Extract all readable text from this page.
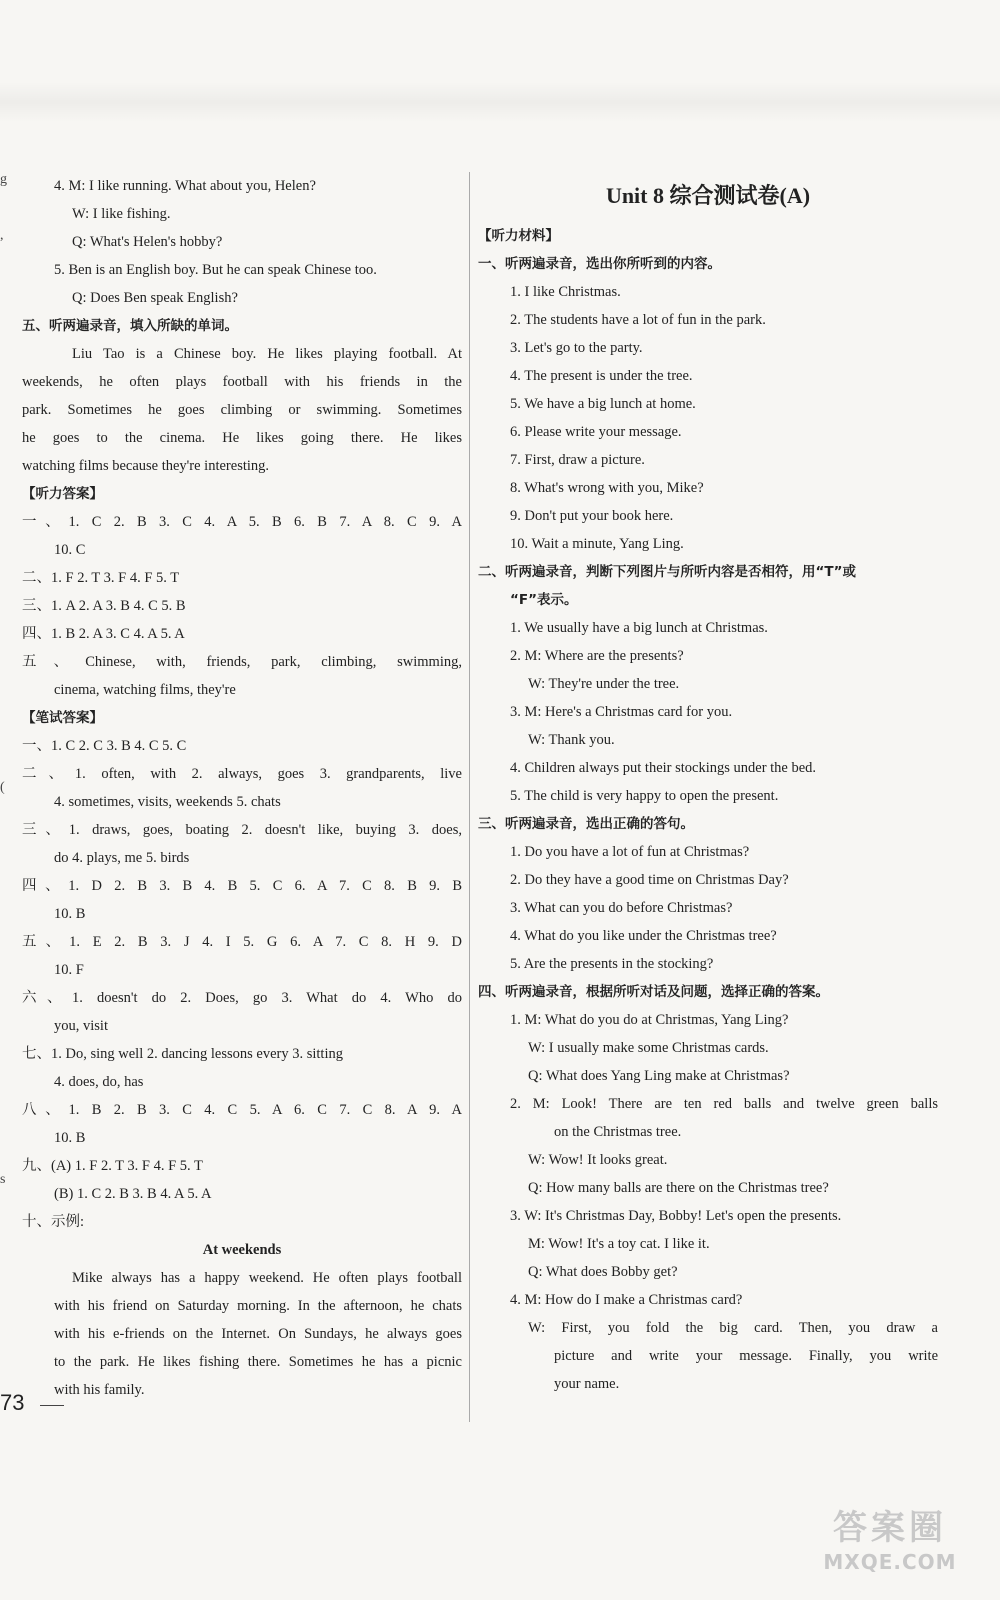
g
,
(
s
4. M: I like running. What about you, Helen?
W: I like fishing.
Q: What's Helen's hobby?
5. Ben is an English boy. But he can speak Chinese too.
Q: Does Ben speak English?
五、听两遍录音，填入所缺的单词。
Liu Tao is a Chinese boy. He likes playing football. At
weekends, he often plays football with his friends in the
park. Sometimes he goes climbing or swimming. Sometimes
he goes to the cinema. He likes going there. He likes
watching films because they're interesting.
【听力答案】
一、1. C 2. B 3. C 4. A 5. B 6. B 7. A 8. C 9. A
10. C
二、1. F 2. T 3. F 4. F 5. T
三、1. A 2. A 3. B 4. C 5. B
四、1. B 2. A 3. C 4. A 5. A
五、Chinese, with, friends, park, climbing, swimming,
cinema, watching films, they're
【笔试答案】
一、1. C 2. C 3. B 4. C 5. C
二、1. often, with 2. always, goes 3. grandparents, live
4. sometimes, visits, weekends 5. chats
三、1. draws, goes, boating 2. doesn't like, buying 3. does,
do 4. plays, me 5. birds
四、1. D 2. B 3. B 4. B 5. C 6. A 7. C 8. B 9. B
10. B
五、1. E 2. B 3. J 4. I 5. G 6. A 7. C 8. H 9. D
10. F
六、1. doesn't do 2. Does, go 3. What do 4. Who do
you, visit
七、1. Do, sing well 2. dancing lessons every 3. sitting
4. does, do, has
八、1. B 2. B 3. C 4. C 5. A 6. C 7. C 8. A 9. A
10. B
九、(A) 1. F 2. T 3. F 4. F 5. T
(B) 1. C 2. B 3. B 4. A 5. A
十、示例:
At weekends
Mike always has a happy weekend. He often plays football
with his friend on Saturday morning. In the afternoon, he chats
with his e-friends on the Internet. On Sundays, he always goes
to the park. He likes fishing there. Sometimes he has a picnic
with his family.
Unit 8 综合测试卷(A)
【听力材料】
一、听两遍录音，选出你所听到的内容。
1. I like Christmas.
2. The students have a lot of fun in the park.
3. Let's go to the party.
4. The present is under the tree.
5. We have a big lunch at home.
6. Please write your message.
7. First, draw a picture.
8. What's wrong with you, Mike?
9. Don't put your book here.
10. Wait a minute, Yang Ling.
二、听两遍录音，判断下列图片与所听内容是否相符，用“T”或
“F”表示。
1. We usually have a big lunch at Christmas.
2. M: Where are the presents?
W: They're under the tree.
3. M: Here's a Christmas card for you.
W: Thank you.
4. Children always put their stockings under the bed.
5. The child is very happy to open the present.
三、听两遍录音，选出正确的答句。
1. Do you have a lot of fun at Christmas?
2. Do they have a good time on Christmas Day?
3. What can you do before Christmas?
4. What do you like under the Christmas tree?
5. Are the presents in the stocking?
四、听两遍录音，根据所听对话及问题，选择正确的答案。
1. M: What do you do at Christmas, Yang Ling?
W: I usually make some Christmas cards.
Q: What does Yang Ling make at Christmas?
2. M: Look! There are ten red balls and twelve green balls
on the Christmas tree.
W: Wow! It looks great.
Q: How many balls are there on the Christmas tree?
3. W: It's Christmas Day, Bobby! Let's open the presents.
M: Wow! It's a toy cat. I like it.
Q: What does Bobby get?
4. M: How do I make a Christmas card?
W: First, you fold the big card. Then, you draw a
picture and write your message. Finally, you write
your name.
73
答案圈
MXQE.COM
